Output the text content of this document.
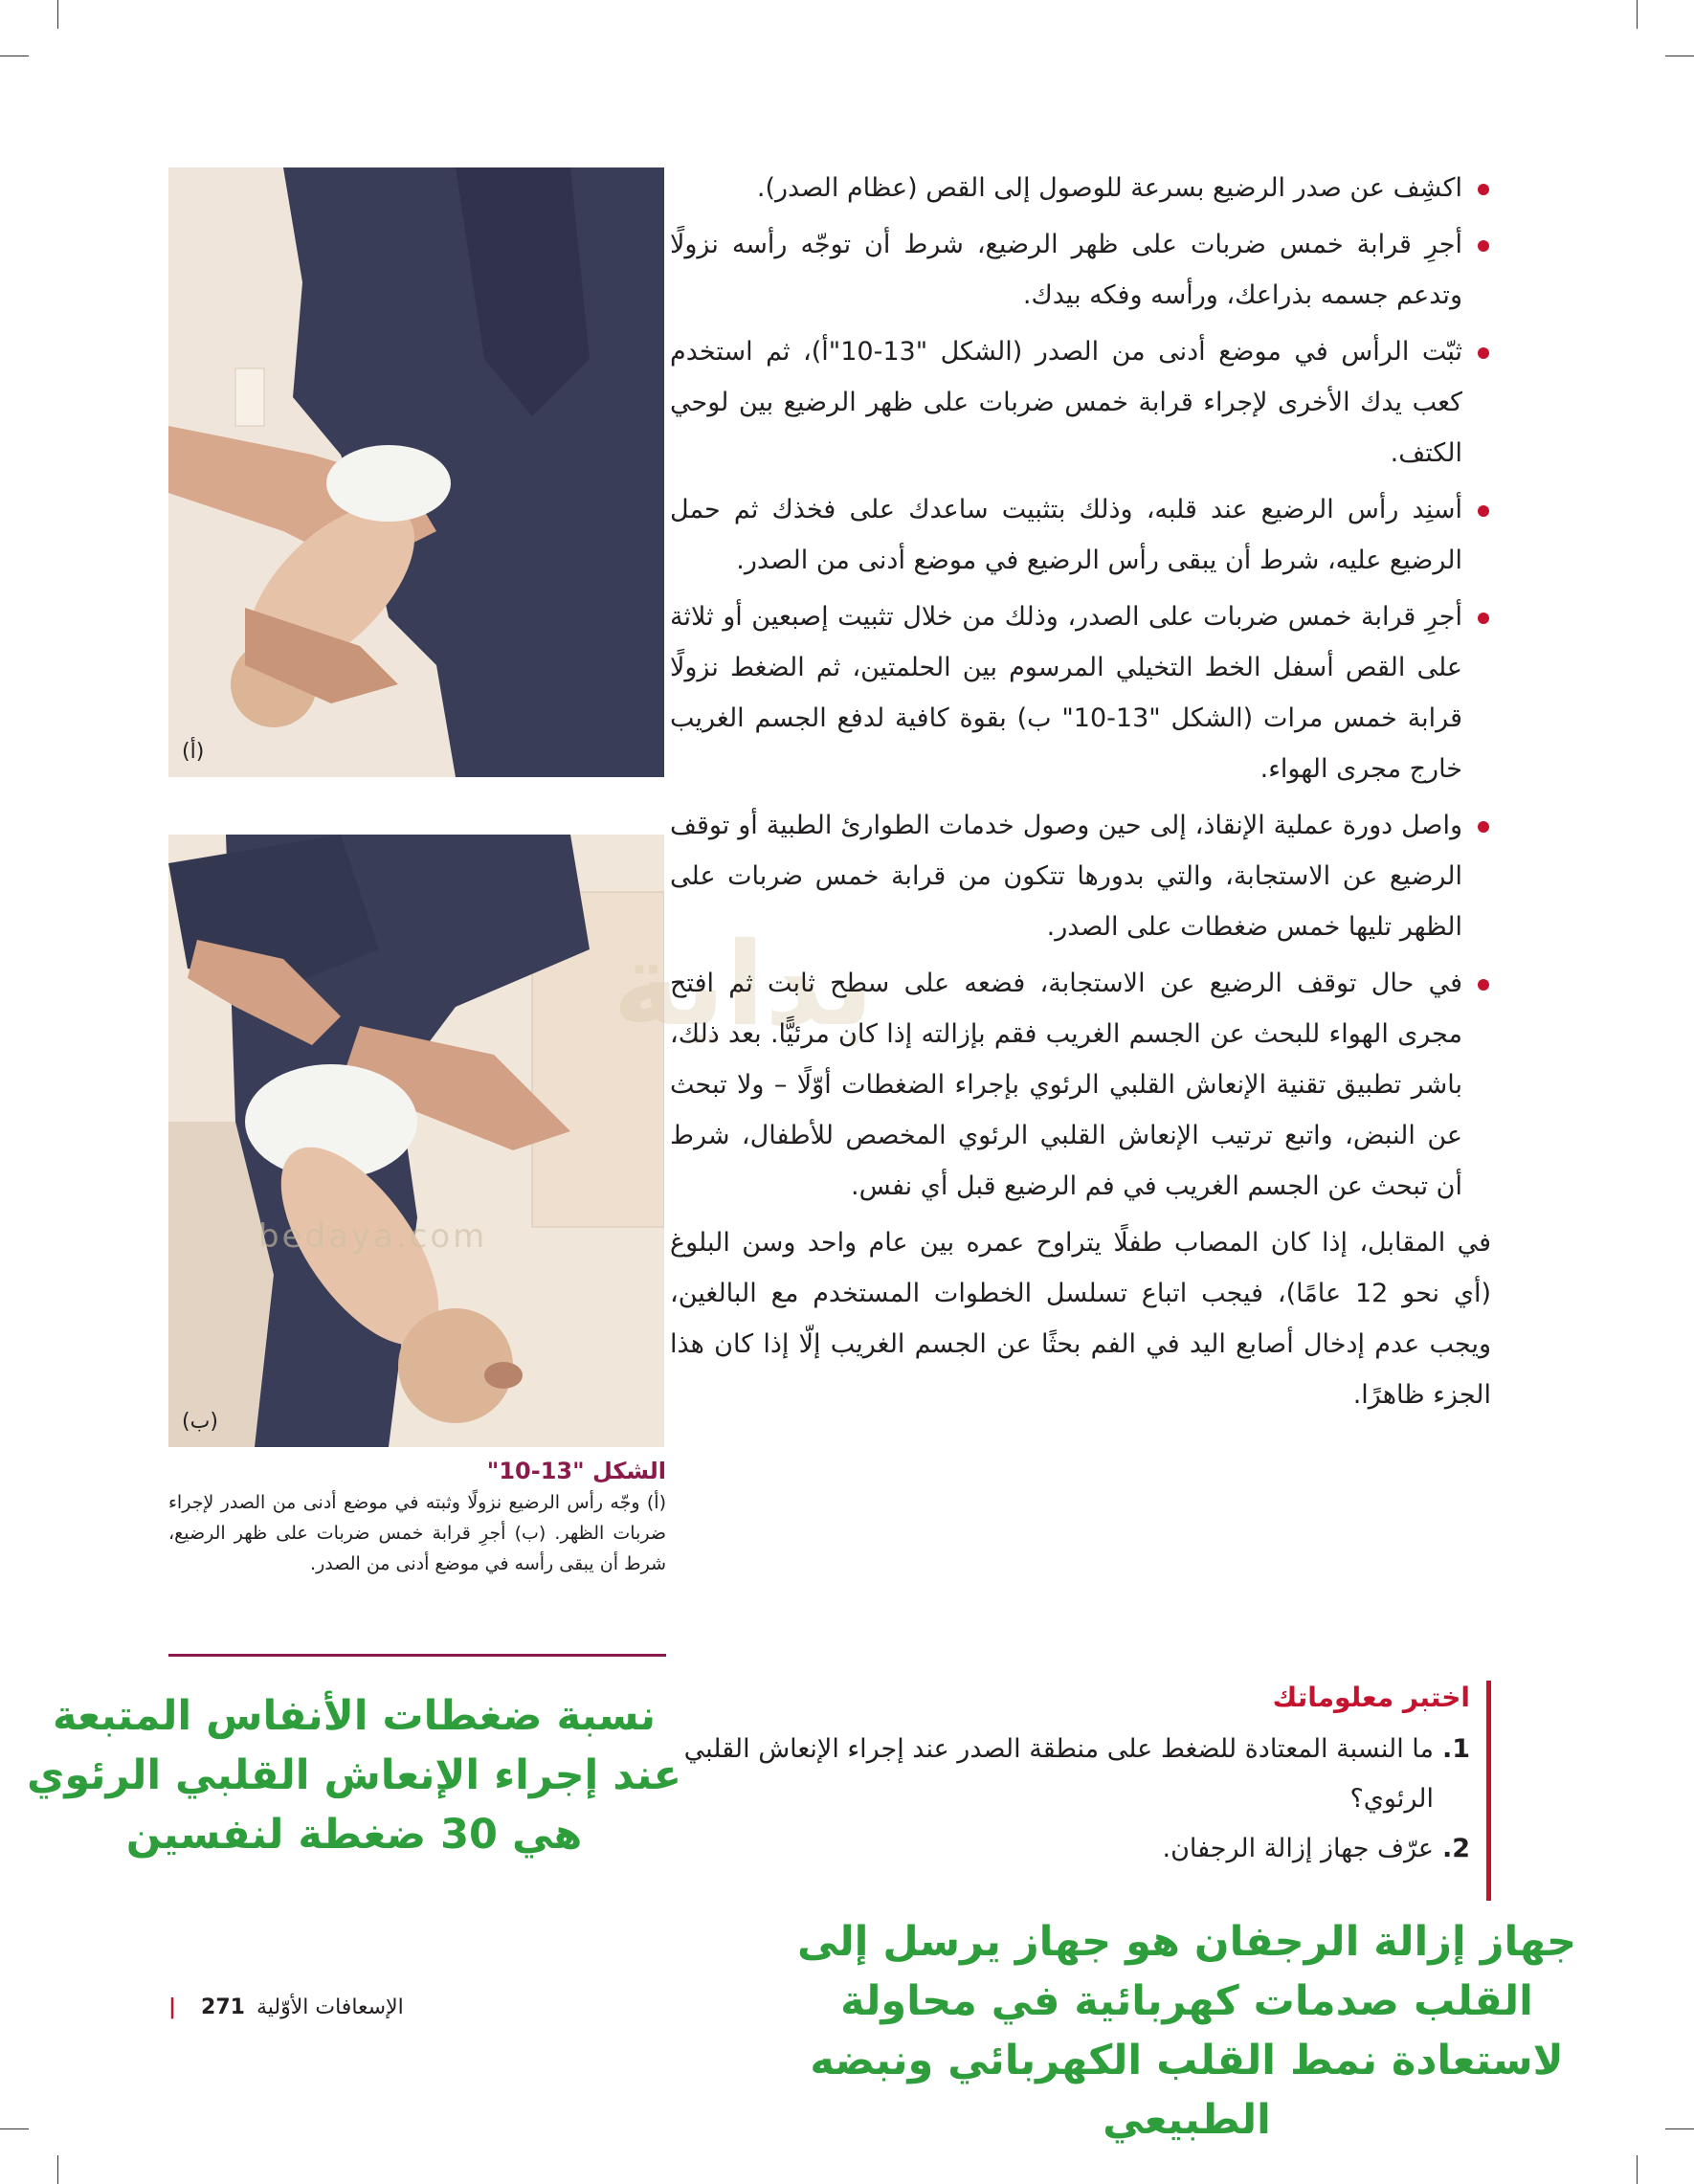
(أ)
(ب)
بداية
bedaya.com
اكشِف عن صدر الرضيع بسرعة للوصول إلى القص (عظام الصدر).
أجرِ قرابة خمس ضربات على ظهر الرضيع، شرط أن توجّه رأسه نزولًا وتدعم جسمه بذراعك، ورأسه وفكه بيدك.
ثبّت الرأس في موضع أدنى من الصدر (الشكل "13-10"أ)، ثم استخدم كعب يدك الأخرى لإجراء قرابة خمس ضربات على ظهر الرضيع بين لوحي الكتف.
أسنِد رأس الرضيع عند قلبه، وذلك بتثبيت ساعدك على فخذك ثم حمل الرضيع عليه، شرط أن يبقى رأس الرضيع في موضع أدنى من الصدر.
أجرِ قرابة خمس ضربات على الصدر، وذلك من خلال تثبيت إصبعين أو ثلاثة على القص أسفل الخط التخيلي المرسوم بين الحلمتين، ثم الضغط نزولًا قرابة خمس مرات (الشكل "13-10" ب) بقوة كافية لدفع الجسم الغريب خارج مجرى الهواء.
واصل دورة عملية الإنقاذ، إلى حين وصول خدمات الطوارئ الطبية أو توقف الرضيع عن الاستجابة، والتي بدورها تتكون من قرابة خمس ضربات على الظهر تليها خمس ضغطات على الصدر.
في حال توقف الرضيع عن الاستجابة، فضعه على سطح ثابت ثم افتح مجرى الهواء للبحث عن الجسم الغريب فقم بإزالته إذا كان مرئيًّا. بعد ذلك، باشر تطبيق تقنية الإنعاش القلبي الرئوي بإجراء الضغطات أوّلًا – ولا تبحث عن النبض، واتبع ترتيب الإنعاش القلبي الرئوي المخصص للأطفال، شرط أن تبحث عن الجسم الغريب في فم الرضيع قبل أي نفس.

في المقابل، إذا كان المصاب طفلًا يتراوح عمره بين عام واحد وسن البلوغ (أي نحو 12 عامًا)، فيجب اتباع تسلسل الخطوات المستخدم مع البالغين، ويجب عدم إدخال أصابع اليد في الفم بحثًا عن الجسم الغريب إلّا إذا كان هذا الجزء ظاهرًا.

الشكل "13-10"
(أ) وجّه رأس الرضيع نزولًا وثبته في موضع أدنى من الصدر لإجراء ضربات الظهر. (ب) أجرِ قرابة خمس ضربات على ظهر الرضيع، شرط أن يبقى رأسه في موضع أدنى من الصدر.
اختبر معلوماتك
1.
ما النسبة المعتادة للضغط على منطقة الصدر عند إجراء الإنعاش القلبي الرئوي؟
2.
عرّف جهاز إزالة الرجفان.
نسبة ضغطات الأنفاس المتبعة عند إجراء الإنعاش القلبي الرئوي هي 30 ضغطة لنفسين
جهاز إزالة الرجفان هو جهاز يرسل إلى القلب صدمات كهربائية في محاولة لاستعادة نمط القلب الكهربائي ونبضه الطبيعي
الإسعافات الأوّلية
271
|
